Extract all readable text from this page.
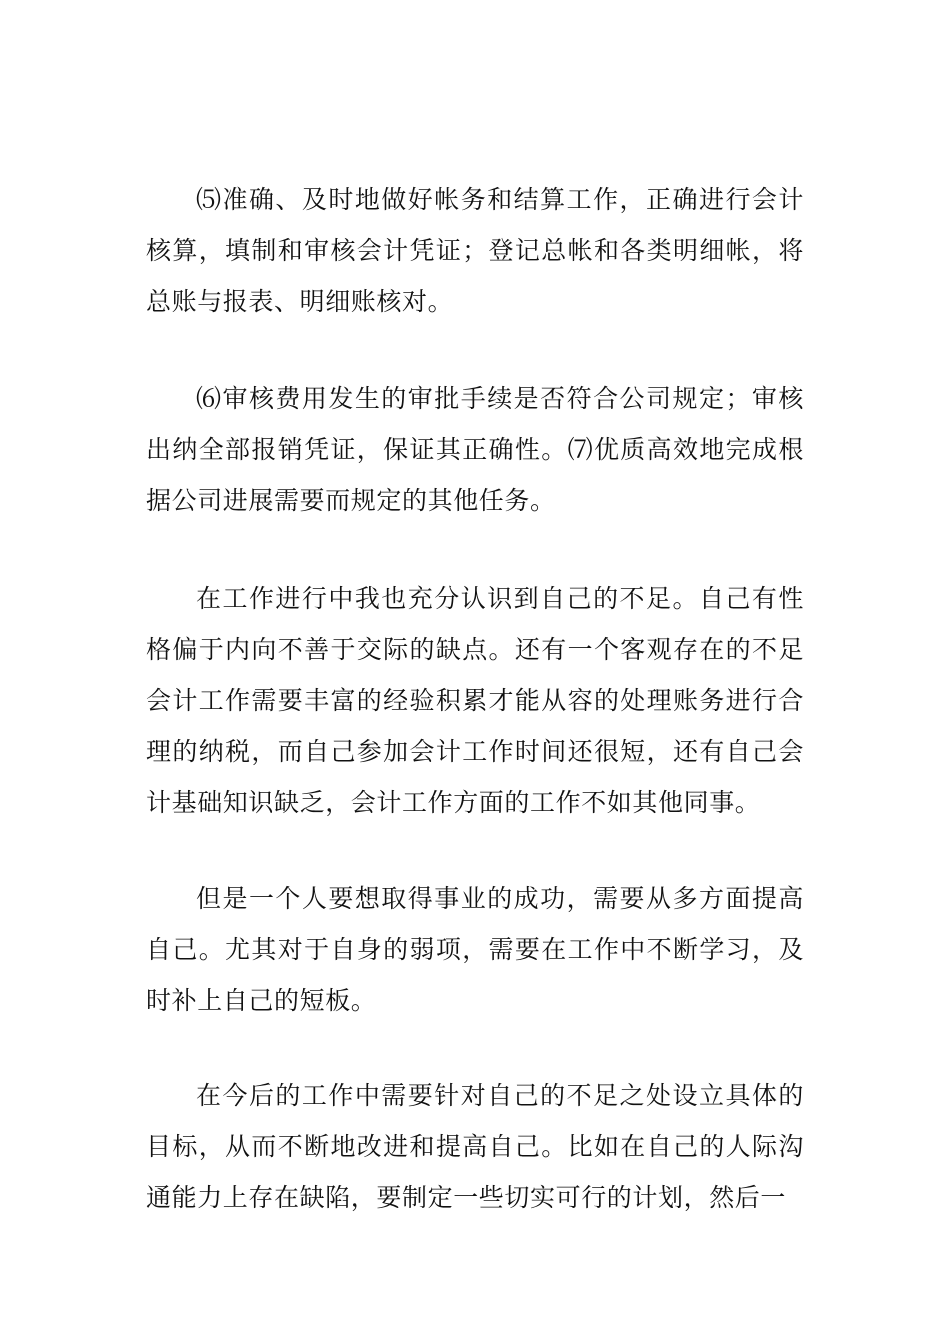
⑸准确、及时地做好帐务和结算工作，正确进行会计核算，填制和审核会计凭证；登记总帐和各类明细帐，将总账与报表、明细账核对。

⑹审核费用发生的审批手续是否符合公司规定；审核出纳全部报销凭证，保证其正确性。⑺优质高效地完成根据公司进展需要而规定的其他任务。

在工作进行中我也充分认识到自己的不足。自己有性格偏于内向不善于交际的缺点。还有一个客观存在的不足会计工作需要丰富的经验积累才能从容的处理账务进行合理的纳税，而自己参加会计工作时间还很短，还有自己会计基础知识缺乏，会计工作方面的工作不如其他同事。

但是一个人要想取得事业的成功，需要从多方面提高自己。尤其对于自身的弱项，需要在工作中不断学习，及时补上自己的短板。

在今后的工作中需要针对自己的不足之处设立具体的目标，从而不断地改进和提高自己。比如在自己的人际沟通能力上存在缺陷，要制定一些切实可行的计划，然后一
